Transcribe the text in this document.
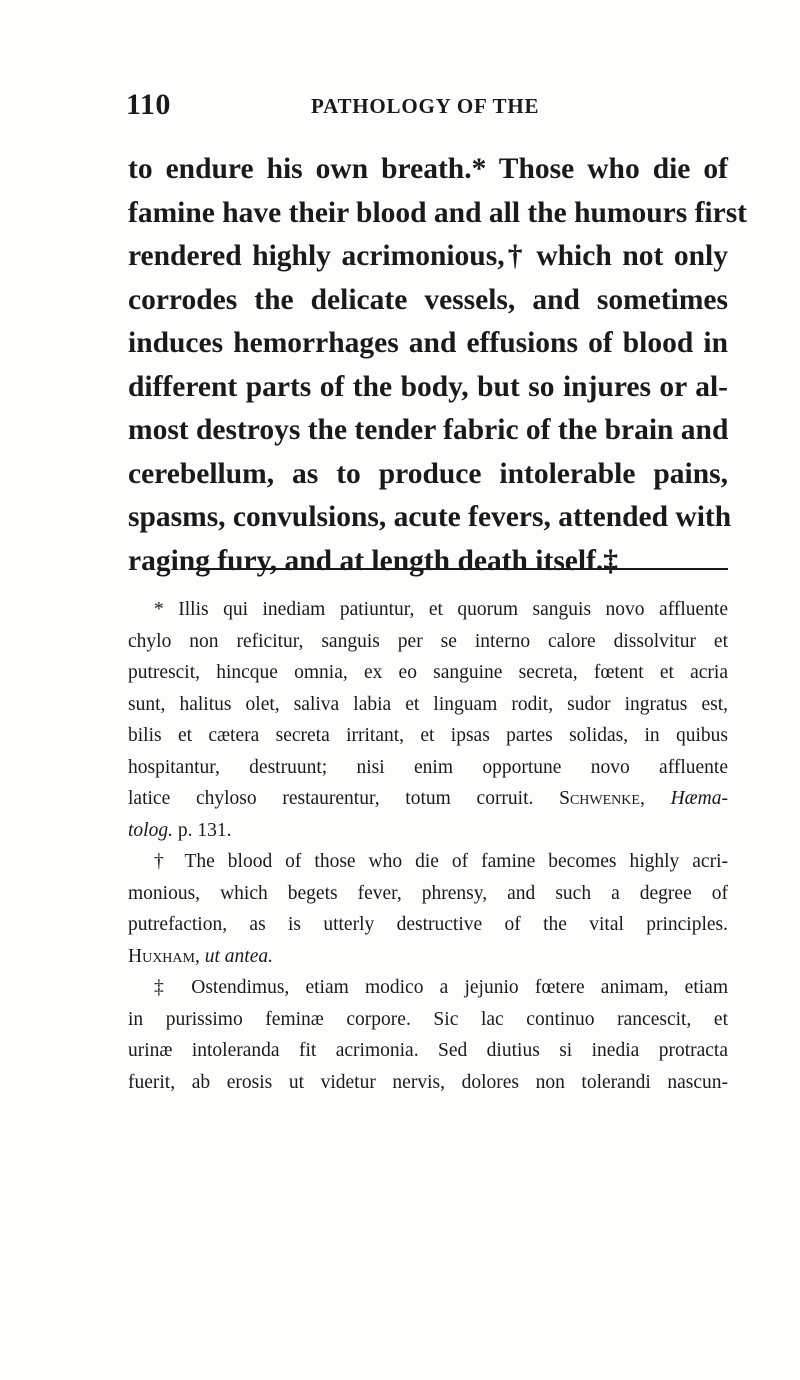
110	PATHOLOGY OF THE
to endure his own breath.* Those who die of
famine have their blood and all the humours first
rendered highly acrimonious,† which not only
corrodes the delicate vessels, and sometimes
induces hemorrhages and effusions of blood in
different parts of the body, but so injures or al-
most destroys the tender fabric of the brain and
cerebellum, as to produce intolerable pains,
spasms, convulsions, acute fevers, attended with
raging fury, and at length death itself.‡
* Illis qui inediam patiuntur, et quorum sanguis novo affluente
chylo non reficitur, sanguis per se interno calore dissolvitur et
putrescit, hincque omnia, ex eo sanguine secreta, fœtent et acria
sunt, halitus olet, saliva labia et linguam rodit, sudor ingratus est,
bilis et cætera secreta irritant, et ipsas partes solidas, in quibus
hospitantur, destruunt; nisi enim opportune novo affluente
latice chyloso restaurentur, totum corruit. Schwenke, Hæma-
tolog. p. 131.
† The blood of those who die of famine becomes highly acri-
monious, which begets fever, phrensy, and such a degree of
putrefaction, as is utterly destructive of the vital principles.
Huxham, ut antea.
‡ Ostendimus, etiam modico a jejunio fœtere animam, etiam
in purissimo feminæ corpore. Sic lac continuo rancescit, et
urinæ intoleranda fit acrimonia. Sed diutius si inedia protracta
fuerit, ab erosis ut videtur nervis, dolores non tolerandi nascun-
